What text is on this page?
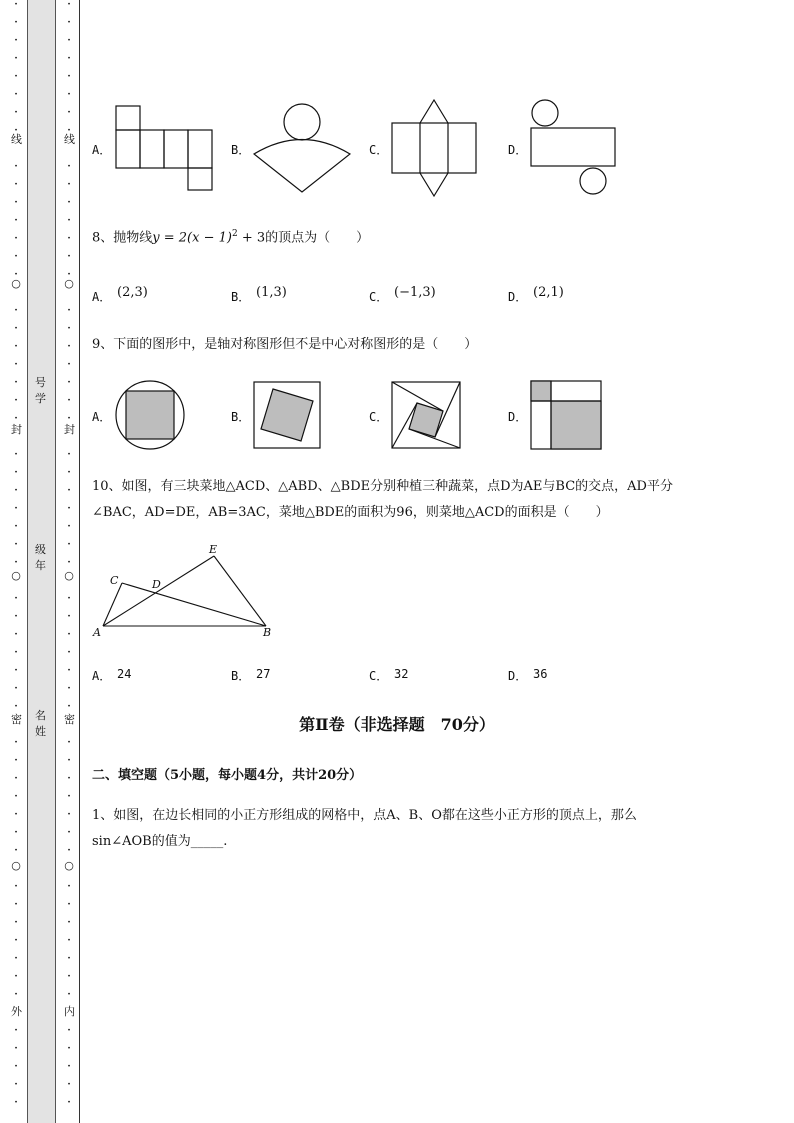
•
•
•
•
•
•
•
•
•
•
•
•
•
•
•
•
•
•
•
•
•
•
•
•
•
•
•
•
•
•
•
•
•
•
•
•
•
•
•
•
•
•
•
•
•
•
•
•
•
•
•
•
•
•
•
线
○
封
○
密
○
外
•
•
•
•
•
•
•
•
•
•
•
•
•
•
•
•
•
•
•
•
•
•
•
•
•
•
•
•
•
•
•
•
•
•
•
•
•
•
•
•
•
•
•
•
•
•
•
•
•
•
•
•
•
•
•
线
○
封
○
密
○
内
号
学
级
年
名
姓
A．	B．	C．	D．
8、抛物线$y = 2(x - 1)^2 + 3$的顶点为（　　）
A． (2,3)	B． (1,3)	C． (−1,3)	D． (2,1)
9、下面的图形中，是轴对称图形但不是中心对称图形的是（　　）
A．	B．	C．	D．
10、如图，有三块菜地△ACD、△ABD、△BDE分别种植三种蔬菜，点D为AE与BC的交点，AD平分
∠BAC，AD=DE，AB=3AC，菜地△BDE的面积为96，则菜地△ACD的面积是（　　）
E
C	D
A	B
A． 24	B． 27	C． 32	D． 36
第Ⅱ卷（非选择题　70分）
二、填空题（5小题，每小题4分，共计20分）
1、如图，在边长相同的小正方形组成的网格中，点A、B、O都在这些小正方形的顶点上，那么
sin∠AOB的值为_____.
